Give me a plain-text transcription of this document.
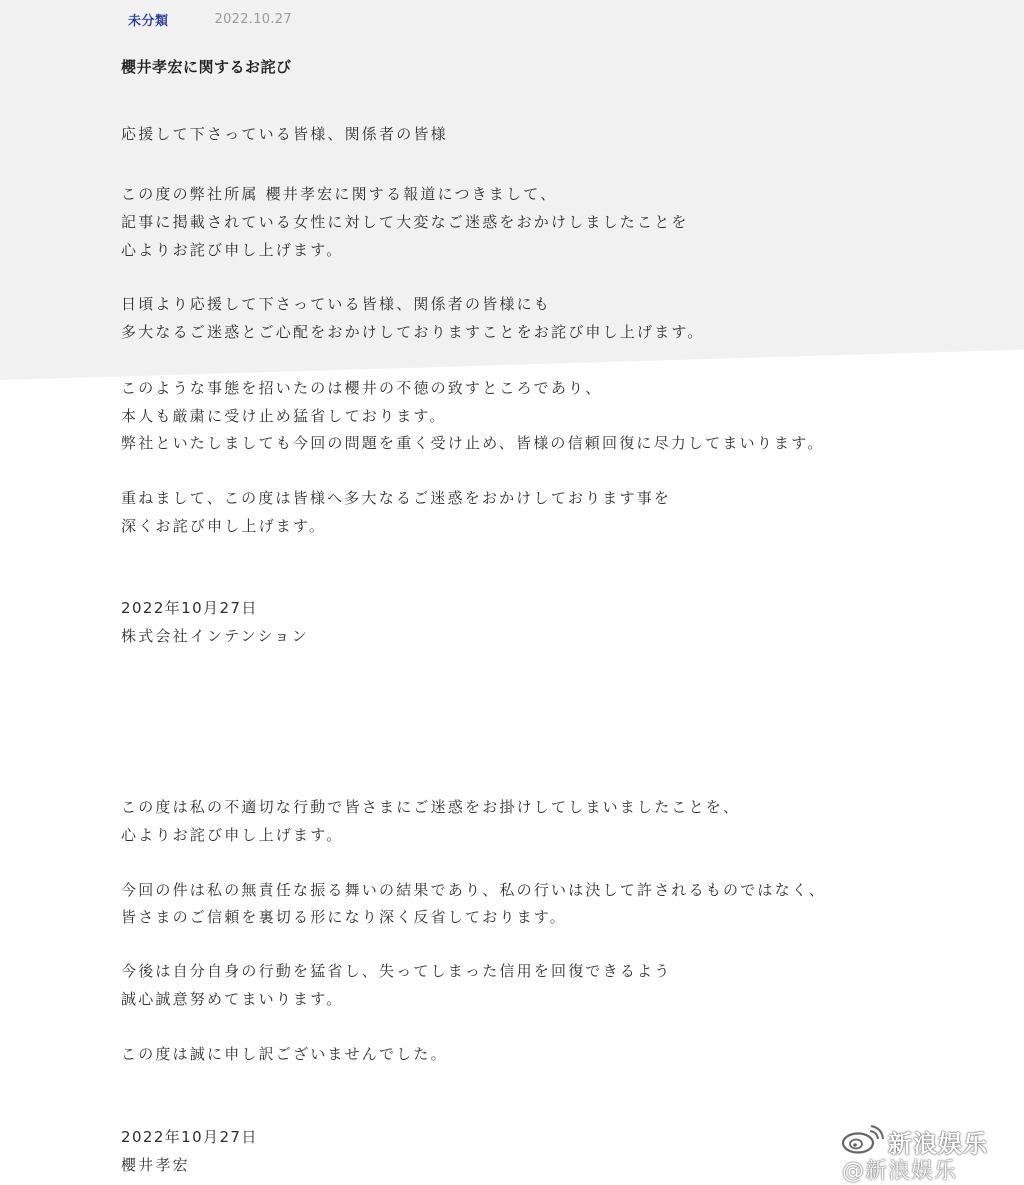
未分類	2022.10.27
櫻井孝宏に関するお詫び
応援して下さっている皆様、関係者の皆様
この度の弊社所属 櫻井孝宏に関する報道につきまして、
記事に掲載されている女性に対して大変なご迷惑をおかけしましたことを
心よりお詫び申し上げます。
日頃より応援して下さっている皆様、関係者の皆様にも
多大なるご迷惑とご心配をおかけしておりますことをお詫び申し上げます。
このような事態を招いたのは櫻井の不徳の致すところであり、
本人も厳粛に受け止め猛省しております。
弊社といたしましても今回の問題を重く受け止め、皆様の信頼回復に尽力してまいります。
重ねまして、この度は皆様へ多大なるご迷惑をおかけしております事を
深くお詫び申し上げます。
2022年10月27日
株式会社インテンション
この度は私の不適切な行動で皆さまにご迷惑をお掛けしてしまいましたことを、
心よりお詫び申し上げます。
今回の件は私の無責任な振る舞いの結果であり、私の行いは決して許されるものではなく、
皆さまのご信頼を裏切る形になり深く反省しております。
今後は自分自身の行動を猛省し、失ってしまった信用を回復できるよう
誠心誠意努めてまいります。
この度は誠に申し訳ございませんでした。
2022年10月27日
櫻井孝宏
新浪娱乐
@新浪娱乐
